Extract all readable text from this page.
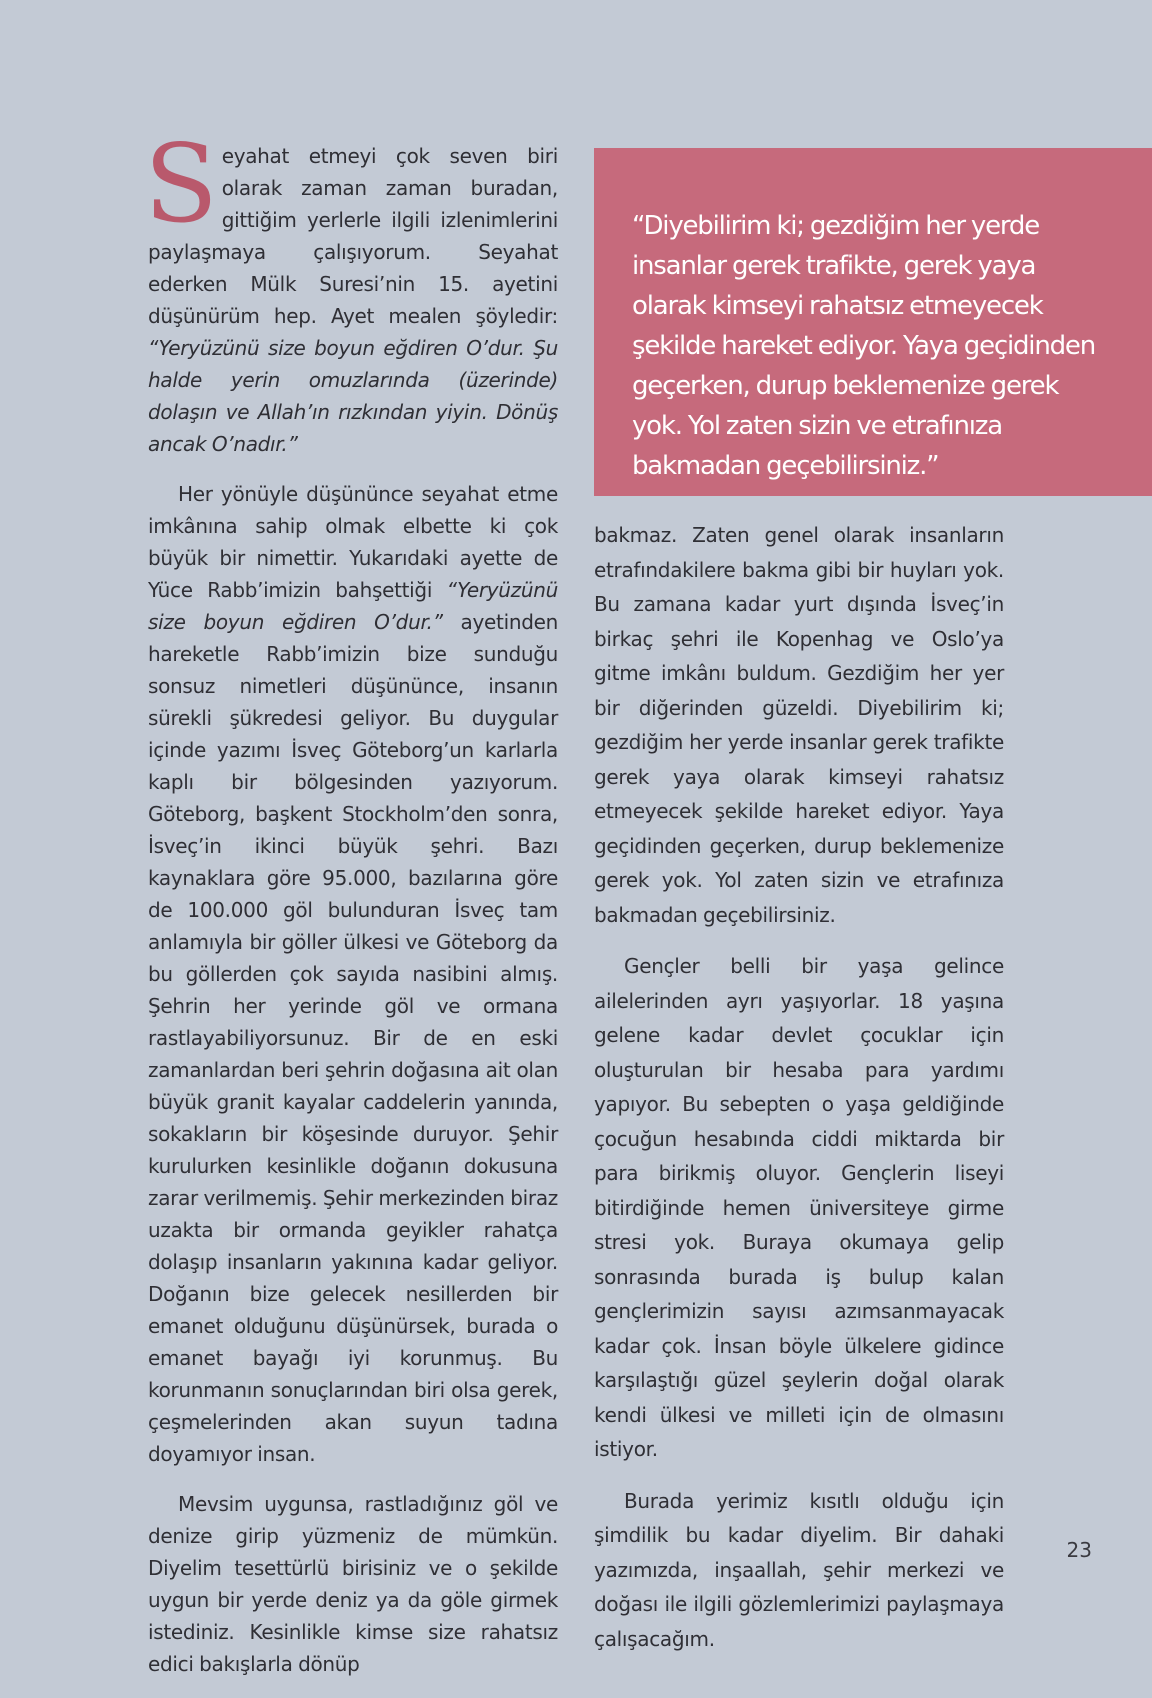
Seyahat etmeyi çok seven biri olarak zaman zaman buradan, gittiğim yerlerle ilgili izlenimlerini paylaşmaya çalışıyorum. Seyahat ederken Mülk Suresi’nin 15. ayetini düşünürüm hep. Ayet mealen şöyledir: “Yeryüzünü size boyun eğdiren O’dur. Şu halde yerin omuzlarında (üzerinde) dolaşın ve Allah’ın rızkından yiyin. Dönüş ancak O’nadır.”

Her yönüyle düşününce seyahat etme imkânına sahip olmak elbette ki çok büyük bir nimettir. Yukarıdaki ayette de Yüce Rabb’imizin bahşettiği “Yeryüzünü size boyun eğdiren O’dur.” ayetinden hareketle Rabb’imizin bize sunduğu sonsuz nimetleri düşününce, insanın sürekli şükredesi geliyor. Bu duygular içinde yazımı İsveç Göteborg’un karlarla kaplı bir bölgesinden yazıyorum. Göteborg, başkent Stockholm’den sonra, İsveç’in ikinci büyük şehri. Bazı kaynaklara göre 95.000, bazılarına göre de 100.000 göl bulunduran İsveç tam anlamıyla bir göller ülkesi ve Göteborg da bu göllerden çok sayıda nasibini almış. Şehrin her yerinde göl ve ormana rastlayabiliyorsunuz. Bir de en eski zamanlardan beri şehrin doğasına ait olan büyük granit kayalar caddelerin yanında, sokakların bir köşesinde duruyor. Şehir kurulurken kesinlikle doğanın dokusuna zarar verilmemiş. Şehir merkezinden biraz uzakta bir ormanda geyikler rahatça dolaşıp insanların yakınına kadar geliyor. Doğanın bize gelecek nesillerden bir emanet olduğunu düşünürsek, burada o emanet bayağı iyi korunmuş. Bu korunmanın sonuçlarından biri olsa gerek, çeşmelerinden akan suyun tadına doyamıyor insan.

Mevsim uygunsa, rastladığınız göl ve denize girip yüzmeniz de mümkün. Diyelim tesettürlü birisiniz ve o şekilde uygun bir yerde deniz ya da göle girmek istediniz. Kesinlikle kimse size rahatsız edici bakışlarla dönüp

“Diyebilirim ki; gezdiğim her yerde insanlar gerek trafikte, gerek yaya olarak kimseyi rahatsız etmeyecek şekilde hareket ediyor. Yaya geçidinden geçerken, durup beklemenize gerek yok. Yol zaten sizin ve etrafınıza bakmadan geçebilirsiniz.”

bakmaz. Zaten genel olarak insanların etrafındakilere bakma gibi bir huyları yok. Bu zamana kadar yurt dışında İsveç’in birkaç şehri ile Kopenhag ve Oslo’ya gitme imkânı buldum. Gezdiğim her yer bir diğerinden güzeldi. Diyebilirim ki; gezdiğim her yerde insanlar gerek trafikte gerek yaya olarak kimseyi rahatsız etmeyecek şekilde hareket ediyor. Yaya geçidinden geçerken, durup beklemenize gerek yok. Yol zaten sizin ve etrafınıza bakmadan geçebilirsiniz.

Gençler belli bir yaşa gelince ailelerinden ayrı yaşıyorlar. 18 yaşına gelene kadar devlet çocuklar için oluşturulan bir hesaba para yardımı yapıyor. Bu sebepten o yaşa geldiğinde çocuğun hesabında ciddi miktarda bir para birikmiş oluyor. Gençlerin liseyi bitirdiğinde hemen üniversiteye girme stresi yok. Buraya okumaya gelip sonrasında burada iş bulup kalan gençlerimizin sayısı azımsanmayacak kadar çok. İnsan böyle ülkelere gidince karşılaştığı güzel şeylerin doğal olarak kendi ülkesi ve milleti için de olmasını istiyor.

Burada yerimiz kısıtlı olduğu için şimdilik bu kadar diyelim. Bir dahaki yazımızda, inşaallah, şehir merkezi ve doğası ile ilgili gözlemlerimizi paylaşmaya çalışacağım.

23
